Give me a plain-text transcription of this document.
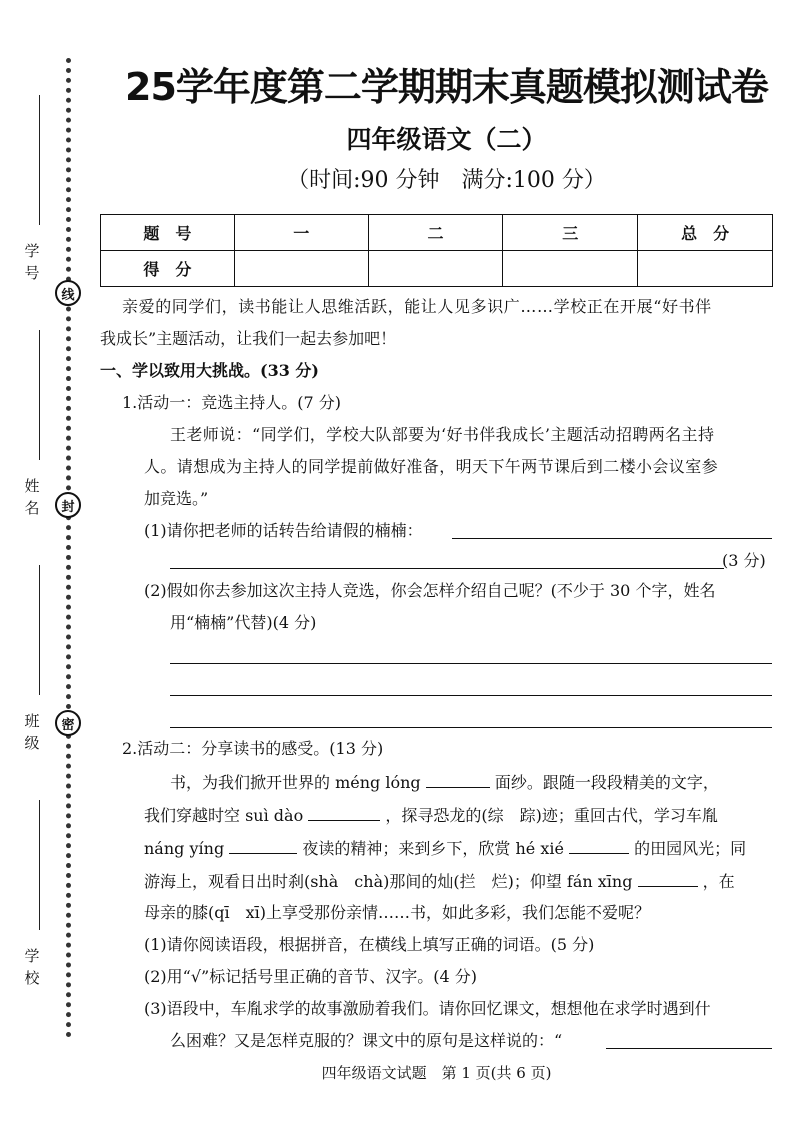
学 号
姓 名
班 级
学 校
线
封
密
25学年度第二学期期末真题模拟测试卷
四年级语文（二）
（时间:90 分钟　满分:100 分）
题　号	一	二	三	总　分
得　分				
亲爱的同学们，读书能让人思维活跃，能让人见多识广……学校正在开展“好书伴
我成长”主题活动，让我们一起去参加吧！
一、学以致用大挑战。(33 分)
1.活动一：竞选主持人。(7 分)
王老师说：“同学们，学校大队部要为‘好书伴我成长’主题活动招聘两名主持
人。请想成为主持人的同学提前做好准备，明天下午两节课后到二楼小会议室参
加竞选。”
(1)请你把老师的话转告给请假的楠楠：
(3 分)
(2)假如你去参加这次主持人竞选，你会怎样介绍自己呢？(不少于 30 个字，姓名
用“楠楠”代替)(4 分)
2.活动二：分享读书的感受。(13 分)
书，为我们掀开世界的 méng lóng	面纱。跟随一段段精美的文字，
我们穿越时空 suì dào	，探寻恐龙的(综　踪)迹；重回古代，学习车胤
náng yíng	夜读的精神；来到乡下，欣赏 hé xié	的田园风光；同
游海上，观看日出时刹(shà　chà)那间的灿(拦　烂)；仰望 fán xīng	，在
母亲的膝(qī　xī)上享受那份亲情……书，如此多彩，我们怎能不爱呢？
(1)请你阅读语段，根据拼音，在横线上填写正确的词语。(5 分)
(2)用“√”标记括号里正确的音节、汉字。(4 分)
(3)语段中，车胤求学的故事激励着我们。请你回忆课文，想想他在求学时遇到什
么困难？又是怎样克服的？课文中的原句是这样说的：“
四年级语文试题　第 1 页(共 6 页)
